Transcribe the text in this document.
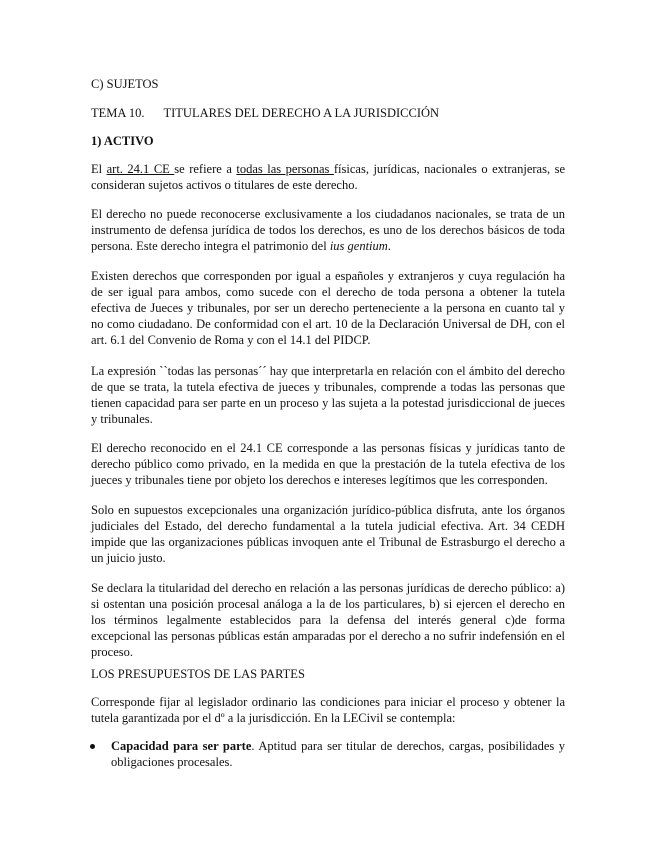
C) SUJETOS

TEMA 10. TITULARES DEL DERECHO A LA JURISDICCIÓN

1) ACTIVO

El art. 24.1 CE se refiere a todas las personas físicas, jurídicas, nacionales o extranjeras, se consideran sujetos activos o titulares de este derecho.

El derecho no puede reconocerse exclusivamente a los ciudadanos nacionales, se trata de un instrumento de defensa jurídica de todos los derechos, es uno de los derechos básicos de toda persona. Este derecho integra el patrimonio del ius gentium.

Existen derechos que corresponden por igual a españoles y extranjeros y cuya regulación ha de ser igual para ambos, como sucede con el derecho de toda persona a obtener la tutela efectiva de Jueces y tribunales, por ser un derecho perteneciente a la persona en cuanto tal y no como ciudadano. De conformidad con el art. 10 de la Declaración Universal de DH, con el art. 6.1 del Convenio de Roma y con el 14.1 del PIDCP.

La expresión ``todas las personas´´ hay que interpretarla en relación con el ámbito del derecho de que se trata, la tutela efectiva de jueces y tribunales, comprende a todas las personas que tienen capacidad para ser parte en un proceso y las sujeta a la potestad jurisdiccional de jueces y tribunales.

El derecho reconocido en el 24.1 CE corresponde a las personas físicas y jurídicas tanto de derecho público como privado, en la medida en que la prestación de la tutela efectiva de los jueces y tribunales tiene por objeto los derechos e intereses legítimos que les corresponden.

Solo en supuestos excepcionales una organización jurídico-pública disfruta, ante los órganos judiciales del Estado, del derecho fundamental a la tutela judicial efectiva. Art. 34 CEDH impide que las organizaciones públicas invoquen ante el Tribunal de Estrasburgo el derecho a un juicio justo.

Se declara la titularidad del derecho en relación a las personas jurídicas de derecho público: a) si ostentan una posición procesal análoga a la de los particulares, b) si ejercen el derecho en los términos legalmente establecidos para la defensa del interés general c)de forma excepcional las personas públicas están amparadas por el derecho a no sufrir indefensión en el proceso.

LOS PRESUPUESTOS DE LAS PARTES

Corresponde fijar al legislador ordinario las condiciones para iniciar el proceso y obtener la tutela garantizada por el dº a la jurisdicción. En la LECivil se contempla:

Capacidad para ser parte. Aptitud para ser titular de derechos, cargas, posibilidades y obligaciones procesales.
